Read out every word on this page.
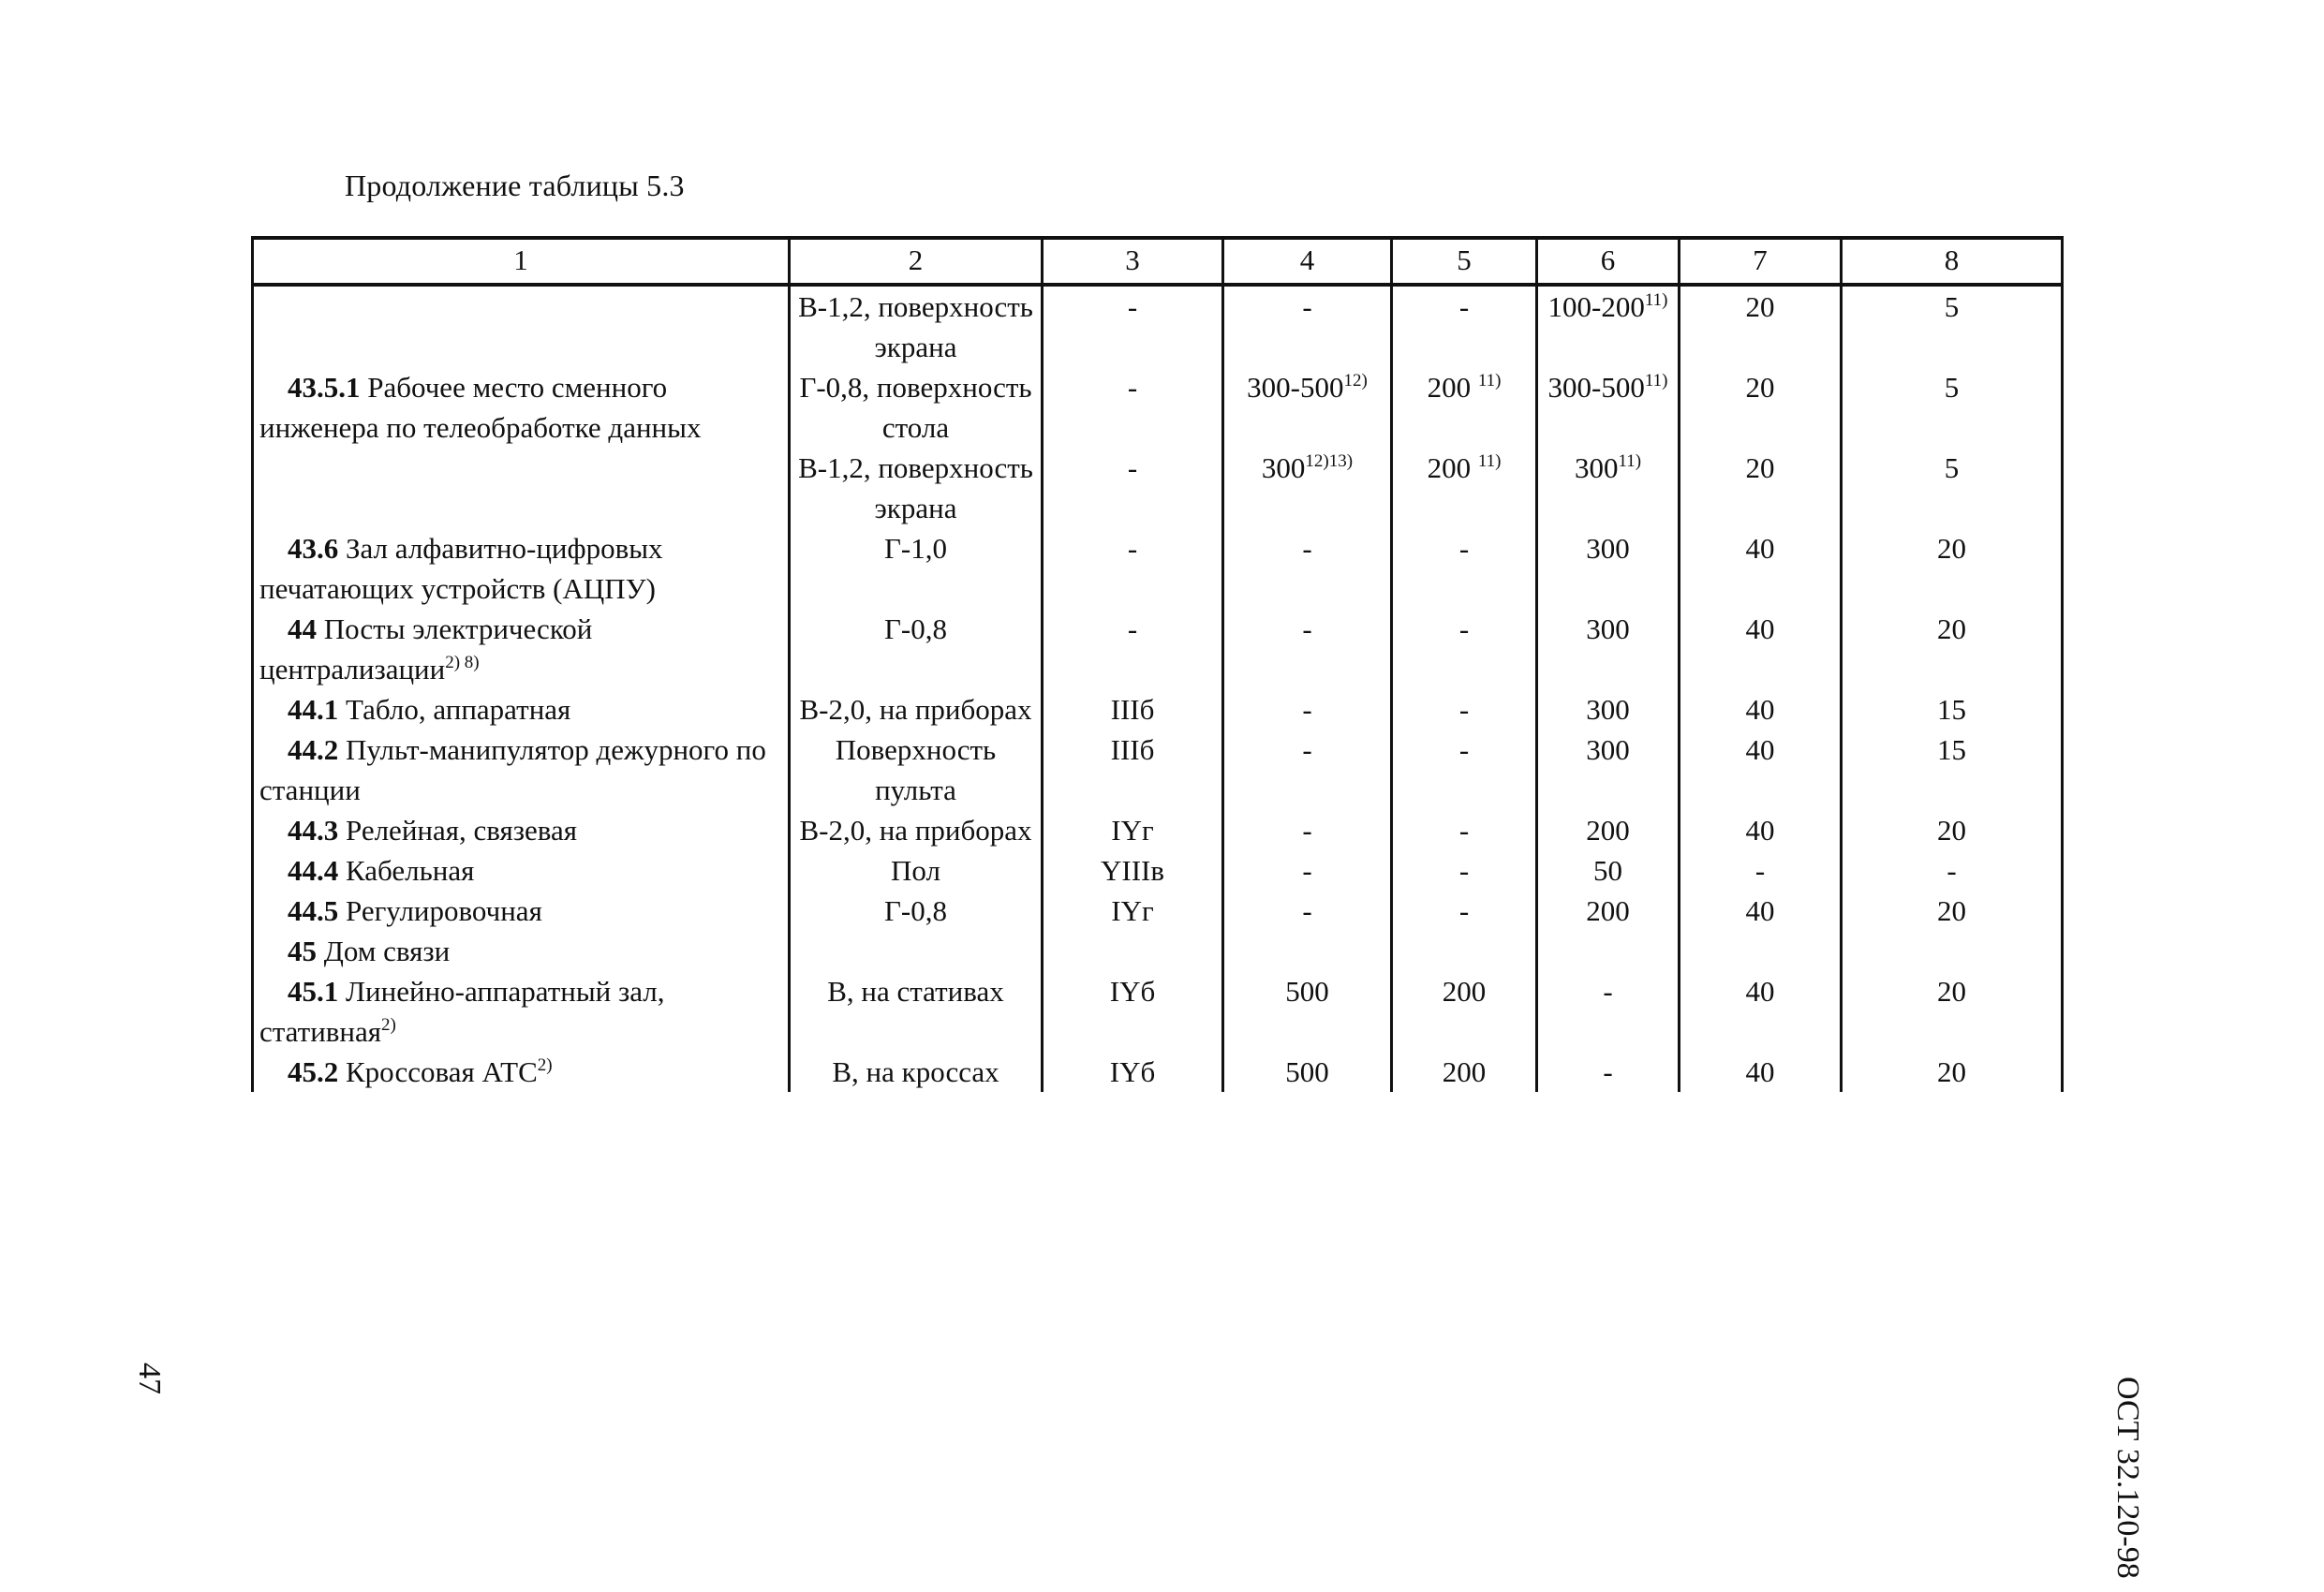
Продолжение таблицы 5.3
1	2	3	4	5	6	7	8
	В-1,2, поверхность экрана	-	-	-	100-200$^{11)}$	20	5
43.5.1 Рабочее место сменного инженера по телеобработке данных	Г-0,8, поверхность стола	-	300-500$^{12)}$	200 $^{11)}$	300-500$^{11)}$	20	5
	В-1,2, поверхность экрана	-	$300^{12)13)}$	200 $^{11)}$	300$^{11)}$	20	5
43.6 Зал алфавитно-цифровых печатающих устройств (АЦПУ)	Г-1,0	-	-	-	300	40	20
44 Посты электрической централизации$^{2) 8)}$	Г-0,8	-	-	-	300	40	20
44.1 Табло, аппаратная	В-2,0, на приборах	IIIб	-	-	300	40	15
44.2 Пульт-манипулятор дежурного по станции	Поверхность пульта	IIIб	-	-	300	40	15
44.3 Релейная, связевая	В-2,0, на приборах	IYг	-	-	200	40	20
44.4 Кабельная	Пол	YIIIв	-	-	50	-	-
44.5 Регулировочная	Г-0,8	IYг	-	-	200	40	20
45 Дом связи							
45.1 Линейно-аппаратный зал, стативная$^{2)}$	В, на стативах	IYб	500	200	-	40	20
45.2 Кроссовая АТС$^{2)}$	В, на кроссах	IYб	500	200	-	40	20
ОСТ 32.120-98
47
